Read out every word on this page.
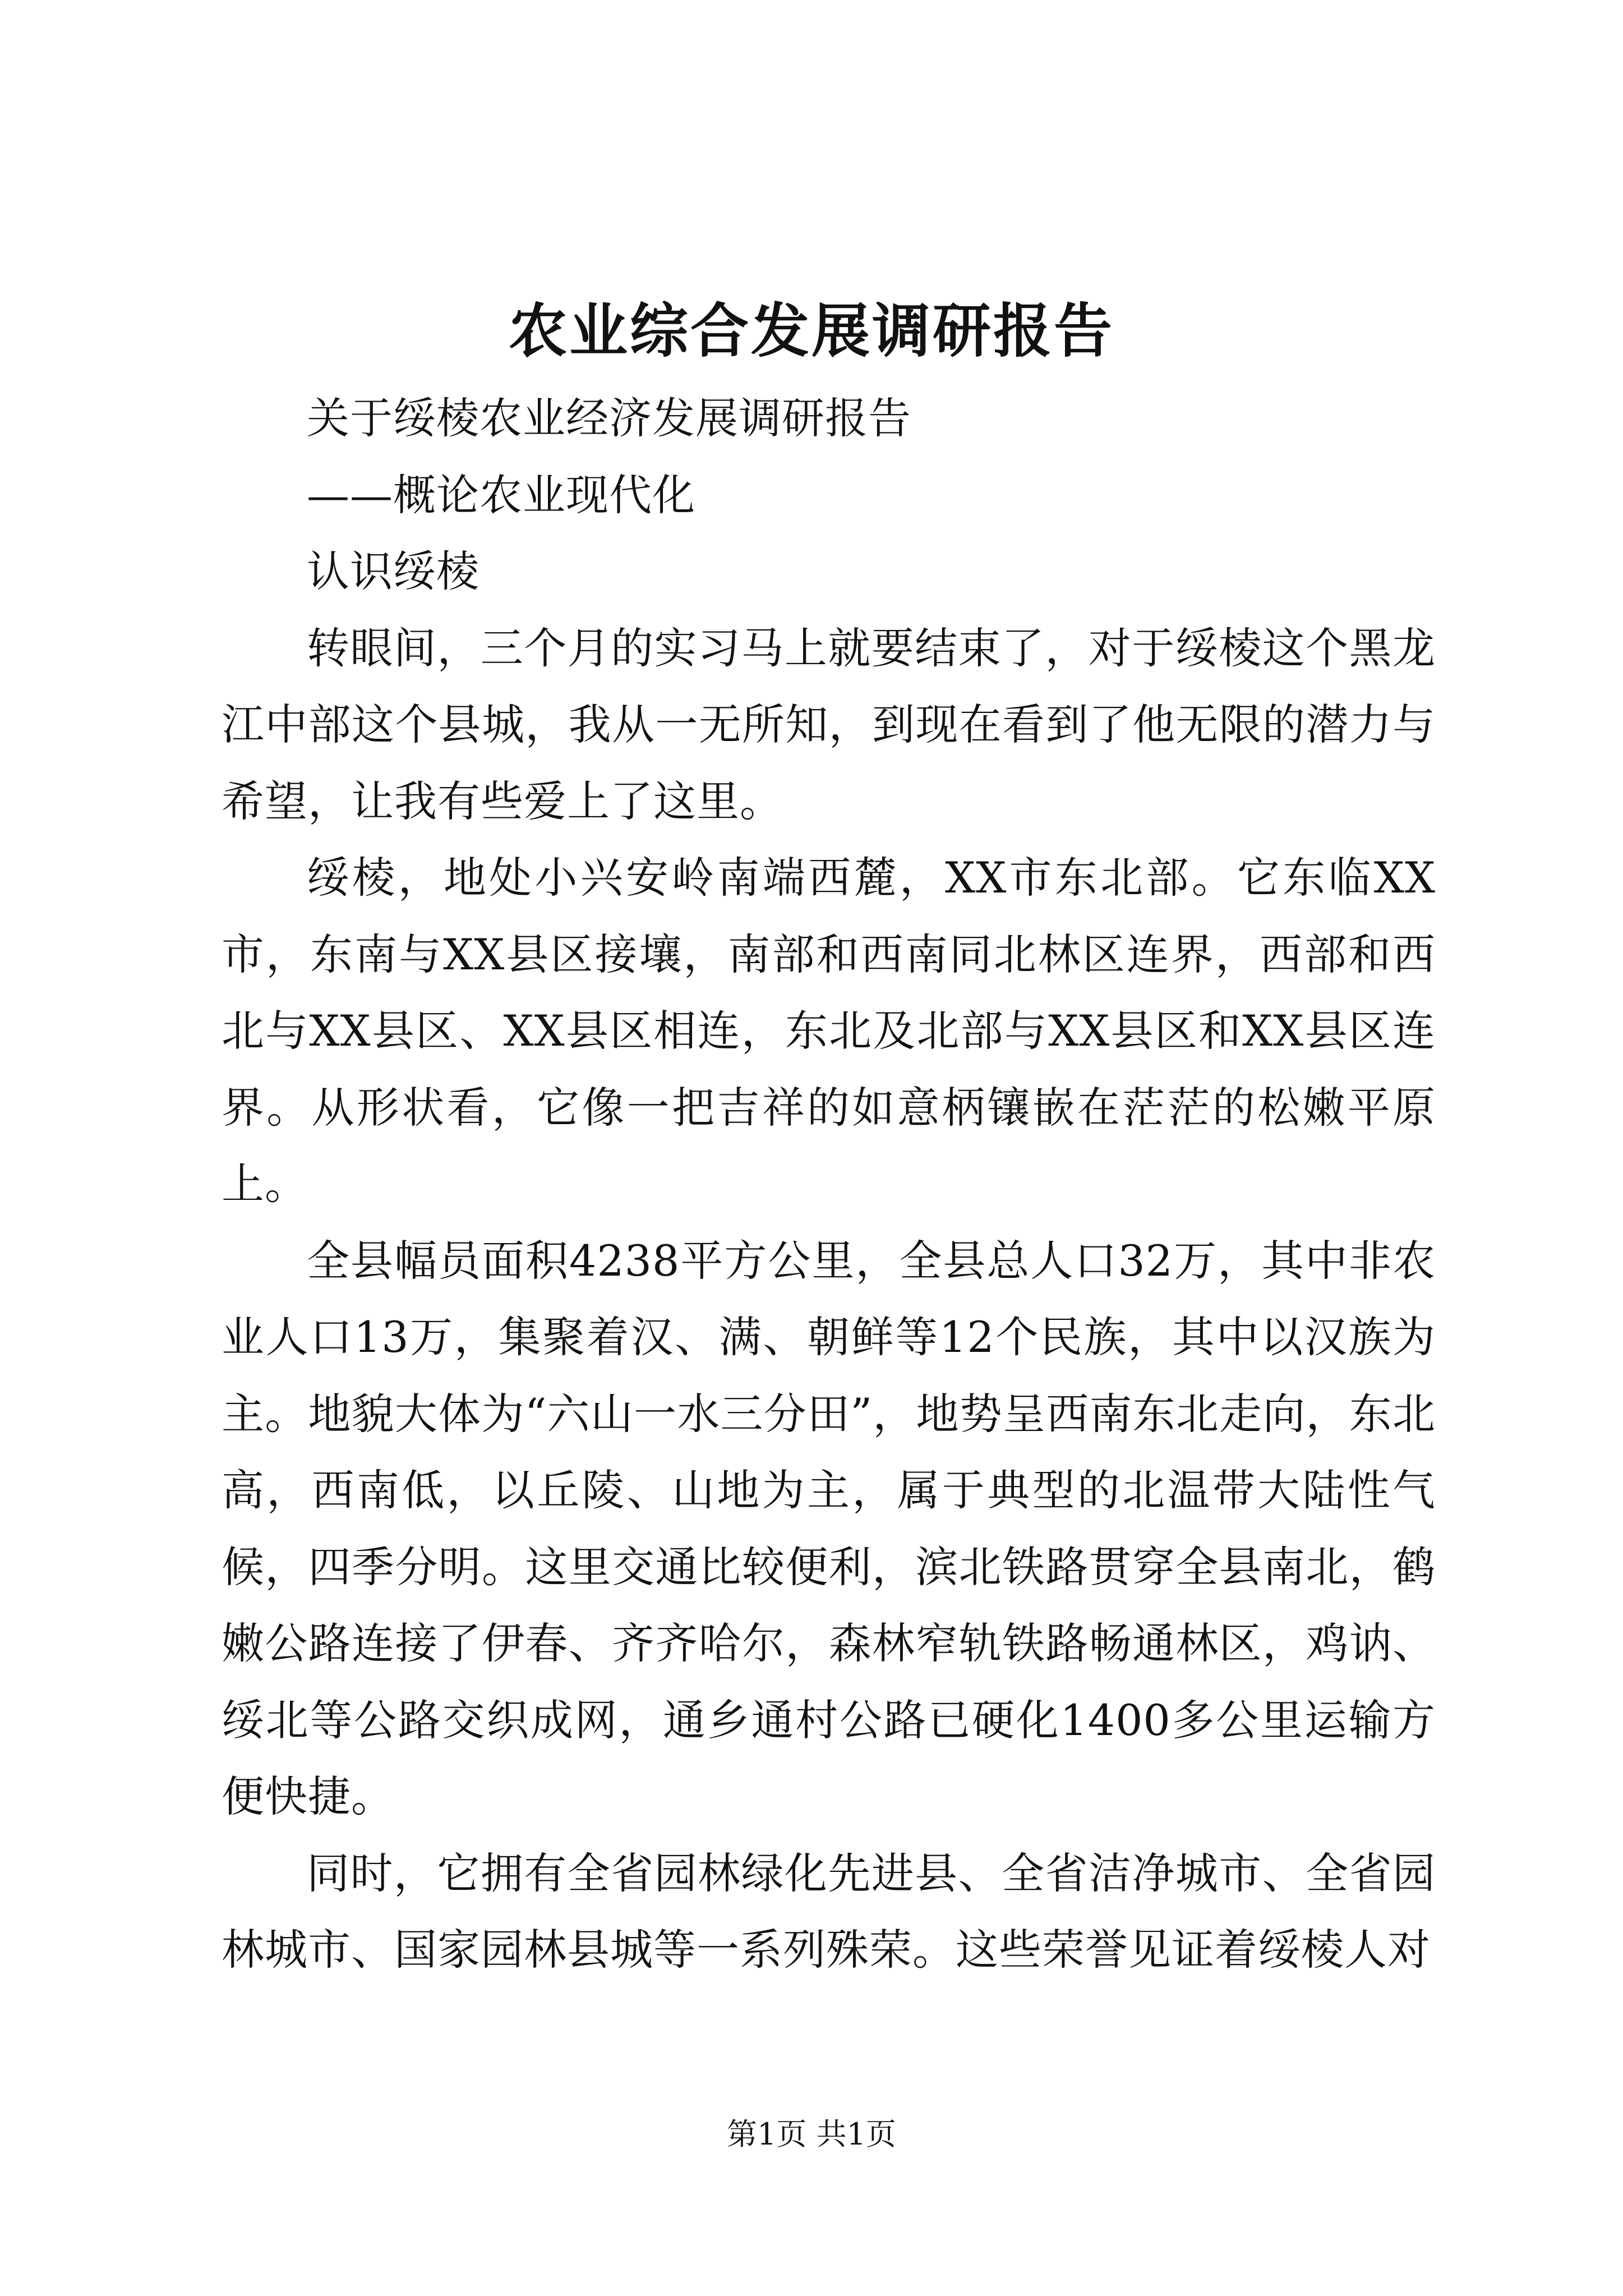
农业综合发展调研报告

关于绥棱农业经济发展调研报告

——概论农业现代化

认识绥棱

转眼间，三个月的实习马上就要结束了，对于绥棱这个黑龙江中部这个县城，我从一无所知，到现在看到了他无限的潜力与希望，让我有些爱上了这里。

绥棱，地处小兴安岭南端西麓，XX市东北部。它东临XX市，东南与XX县区接壤，南部和西南同北林区连界，西部和西北与XX县区、XX县区相连，东北及北部与XX县区和XX县区连界。从形状看，它像一把吉祥的如意柄镶嵌在茫茫的松嫩平原上。

全县幅员面积4238平方公里，全县总人口32万，其中非农业人口13万，集聚着汉、满、朝鲜等12个民族，其中以汉族为主。地貌大体为“六山一水三分田”，地势呈西南东北走向，东北高，西南低，以丘陵、山地为主，属于典型的北温带大陆性气候，四季分明。这里交通比较便利，滨北铁路贯穿全县南北，鹤嫩公路连接了伊春、齐齐哈尔，森林窄轨铁路畅通林区，鸡讷、绥北等公路交织成网，通乡通村公路已硬化1400多公里运输方便快捷。

同时，它拥有全省园林绿化先进县、全省洁净城市、全省园林城市、国家园林县城等一系列殊荣。这些荣誉见证着绥棱人对

第1页 共1页
